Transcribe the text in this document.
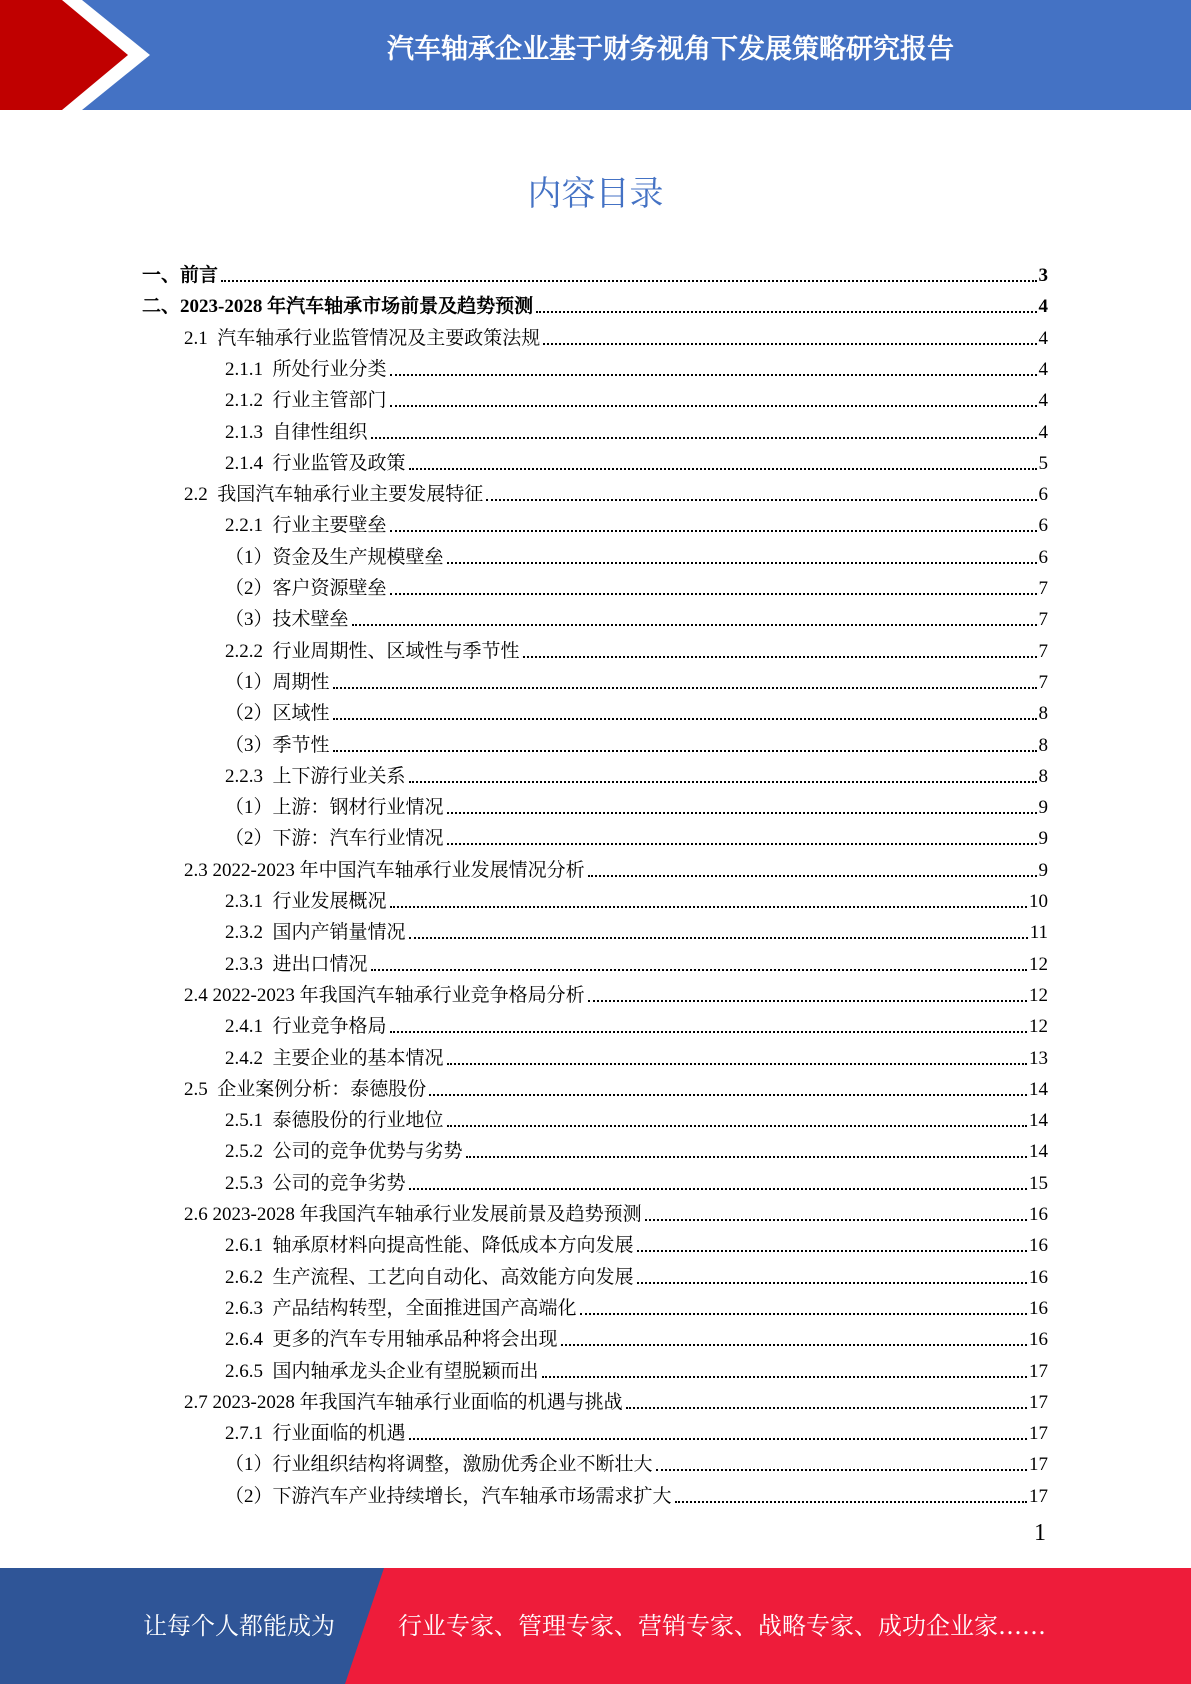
汽车轴承企业基于财务视角下发展策略研究报告
内容目录
一、前言	3
二、2023-2028 年汽车轴承市场前景及趋势预测	4
2.1  汽车轴承行业监管情况及主要政策法规	4
2.1.1  所处行业分类	4
2.1.2  行业主管部门	4
2.1.3  自律性组织	4
2.1.4  行业监管及政策	5
2.2  我国汽车轴承行业主要发展特征	6
2.2.1  行业主要壁垒	6
（1）资金及生产规模壁垒	6
（2）客户资源壁垒	7
（3）技术壁垒	7
2.2.2  行业周期性、区域性与季节性	7
（1）周期性	7
（2）区域性	8
（3）季节性	8
2.2.3  上下游行业关系	8
（1）上游：钢材行业情况	9
（2）下游：汽车行业情况	9
2.3 2022-2023 年中国汽车轴承行业发展情况分析	9
2.3.1  行业发展概况	10
2.3.2  国内产销量情况	11
2.3.3  进出口情况	12
2.4 2022-2023 年我国汽车轴承行业竞争格局分析	12
2.4.1  行业竞争格局	12
2.4.2  主要企业的基本情况	13
2.5  企业案例分析：泰德股份	14
2.5.1  泰德股份的行业地位	14
2.5.2  公司的竞争优势与劣势	14
2.5.3  公司的竞争劣势	15
2.6 2023-2028 年我国汽车轴承行业发展前景及趋势预测	16
2.6.1  轴承原材料向提高性能、降低成本方向发展	16
2.6.2  生产流程、工艺向自动化、高效能方向发展	16
2.6.3  产品结构转型，全面推进国产高端化	16
2.6.4  更多的汽车专用轴承品种将会出现	16
2.6.5  国内轴承龙头企业有望脱颖而出	17
2.7 2023-2028 年我国汽车轴承行业面临的机遇与挑战	17
2.7.1  行业面临的机遇	17
（1）行业组织结构将调整，激励优秀企业不断壮大	17
（2）下游汽车产业持续增长，汽车轴承市场需求扩大	17
1
让每个人都能成为	行业专家、管理专家、营销专家、战略专家、成功企业家……
